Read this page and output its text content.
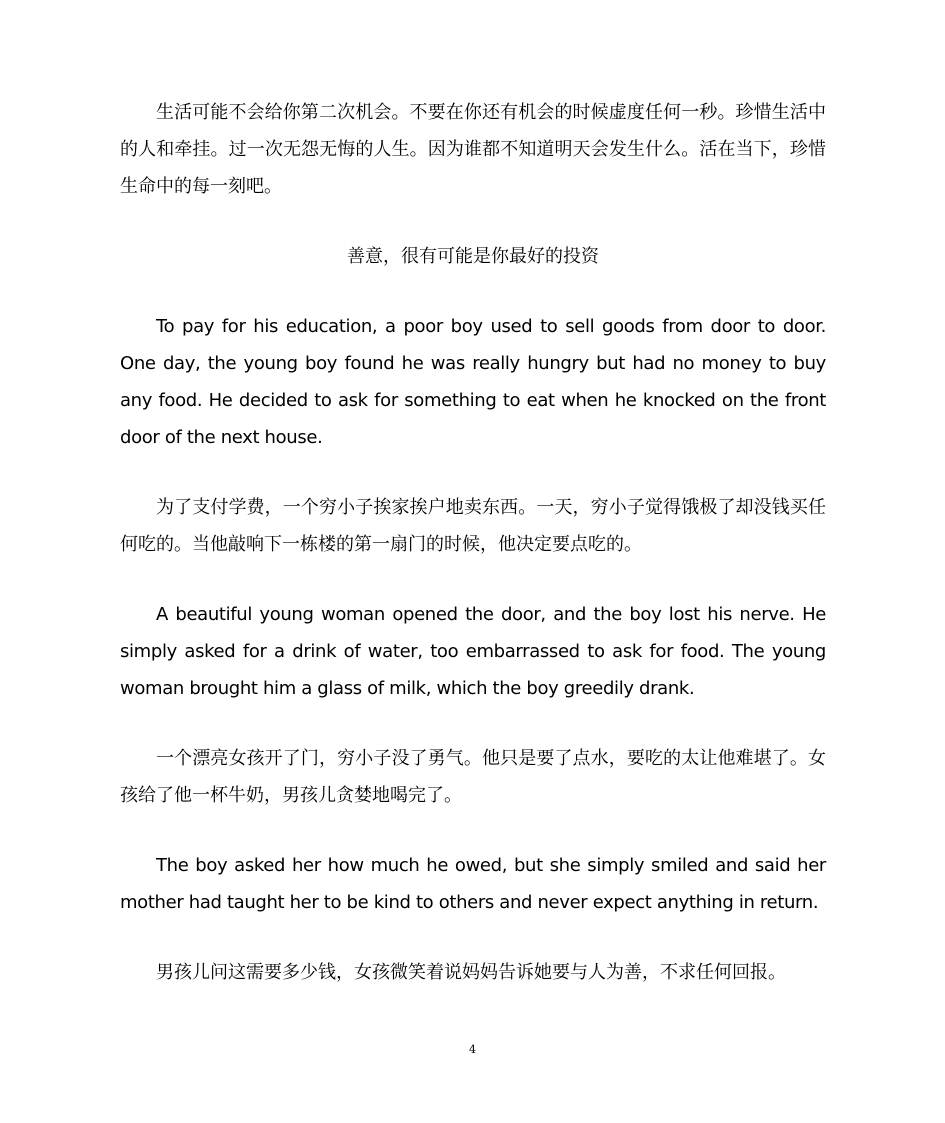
生活可能不会给你第二次机会。不要在你还有机会的时候虚度任何一秒。珍惜生活中的人和牵挂。过一次无怨无悔的人生。因为谁都不知道明天会发生什么。活在当下，珍惜生命中的每一刻吧。

善意，很有可能是你最好的投资

To pay for his education, a poor boy used to sell goods from door to door. One day, the young boy found he was really hungry but had no money to buy any food. He decided to ask for something to eat when he knocked on the front door of the next house.

为了支付学费，一个穷小子挨家挨户地卖东西。一天，穷小子觉得饿极了却没钱买任何吃的。当他敲响下一栋楼的第一扇门的时候，他决定要点吃的。

A beautiful young woman opened the door, and the boy lost his nerve. He simply asked for a drink of water, too embarrassed to ask for food. The young woman brought him a glass of milk, which the boy greedily drank.

一个漂亮女孩开了门，穷小子没了勇气。他只是要了点水，要吃的太让他难堪了。女孩给了他一杯牛奶，男孩儿贪婪地喝完了。

The boy asked her how much he owed, but she simply smiled and said her mother had taught her to be kind to others and never expect anything in return.

男孩儿问这需要多少钱，女孩微笑着说妈妈告诉她要与人为善，不求任何回报。

4
